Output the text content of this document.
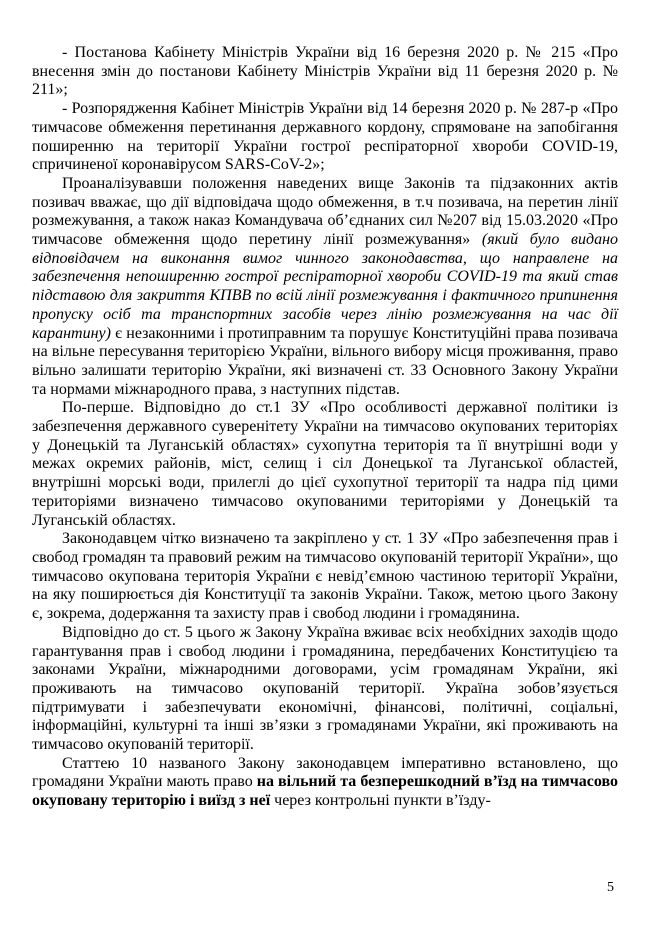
- Постанова Кабінету Міністрів України від 16 березня 2020 р. № 215 «Про внесення змін до постанови Кабінету Міністрів України від 11 березня 2020 р. № 211»;

- Розпорядження Кабінет Міністрів України від 14 березня 2020 р. № 287-р «Про тимчасове обмеження перетинання державного кордону, спрямоване на запобігання поширенню на території України гострої респіраторної хвороби COVID-19, спричиненої коронавірусом SARS-CoV-2»;

Проаналізувавши положення наведених вище Законів та підзаконних актів позивач вважає, що дії відповідача щодо обмеження, в т.ч позивача, на перетин лінії розмежування, а також наказ Командувача об’єднаних сил №207 від 15.03.2020 «Про тимчасове обмеження щодо перетину лінії розмежування» (який було видано відповідачем на виконання вимог чинного законодавства, що направлене на забезпечення непоширенню гострої респіраторної хвороби COVID-19 та який став підставою для закриття КПВВ по всій лінії розмежування і фактичного припинення пропуску осіб та транспортних засобів через лінію розмежування на час дії карантину) є незаконними і протиправним та порушує Конституційні права позивача на вільне пересування територією України, вільного вибору місця проживання, право вільно залишати територію України, які визначені ст. 33 Основного Закону України та нормами міжнародного права, з наступних підстав.

По-перше. Відповідно до ст.1 ЗУ «Про особливості державної політики із забезпечення державного суверенітету України на тимчасово окупованих територіях у Донецькій та Луганській областях» сухопутна територія та її внутрішні води у межах окремих районів, міст, селищ і сіл Донецької та Луганської областей, внутрішні морські води, прилеглі до цієї сухопутної території та надра під цими територіями визначено тимчасово окупованими територіями у Донецькій та Луганській областях.

Законодавцем чітко визначено та закріплено у ст. 1 ЗУ «Про забезпечення прав і свобод громадян та правовий режим на тимчасово окупованій території України», що тимчасово окупована територія України є невід’ємною частиною території України, на яку поширюється дія Конституції та законів України. Також, метою цього Закону є, зокрема, додержання та захисту прав і свобод людини і громадянина.

Відповідно до ст. 5 цього ж Закону Україна вживає всіх необхідних заходів щодо гарантування прав і свобод людини і громадянина, передбачених Конституцією та законами України, міжнародними договорами, усім громадянам України, які проживають на тимчасово окупованій території. Україна зобов’язується підтримувати і забезпечувати економічні, фінансові, політичні, соціальні, інформаційні, культурні та інші зв’язки з громадянами України, які проживають на тимчасово окупованій території.

Статтею 10 названого Закону законодавцем імперативно встановлено, що громадяни України мають право на вільний та безперешкодний в’їзд на тимчасово окуповану територію і виїзд з неї через контрольні пункти в’їзду-

5
